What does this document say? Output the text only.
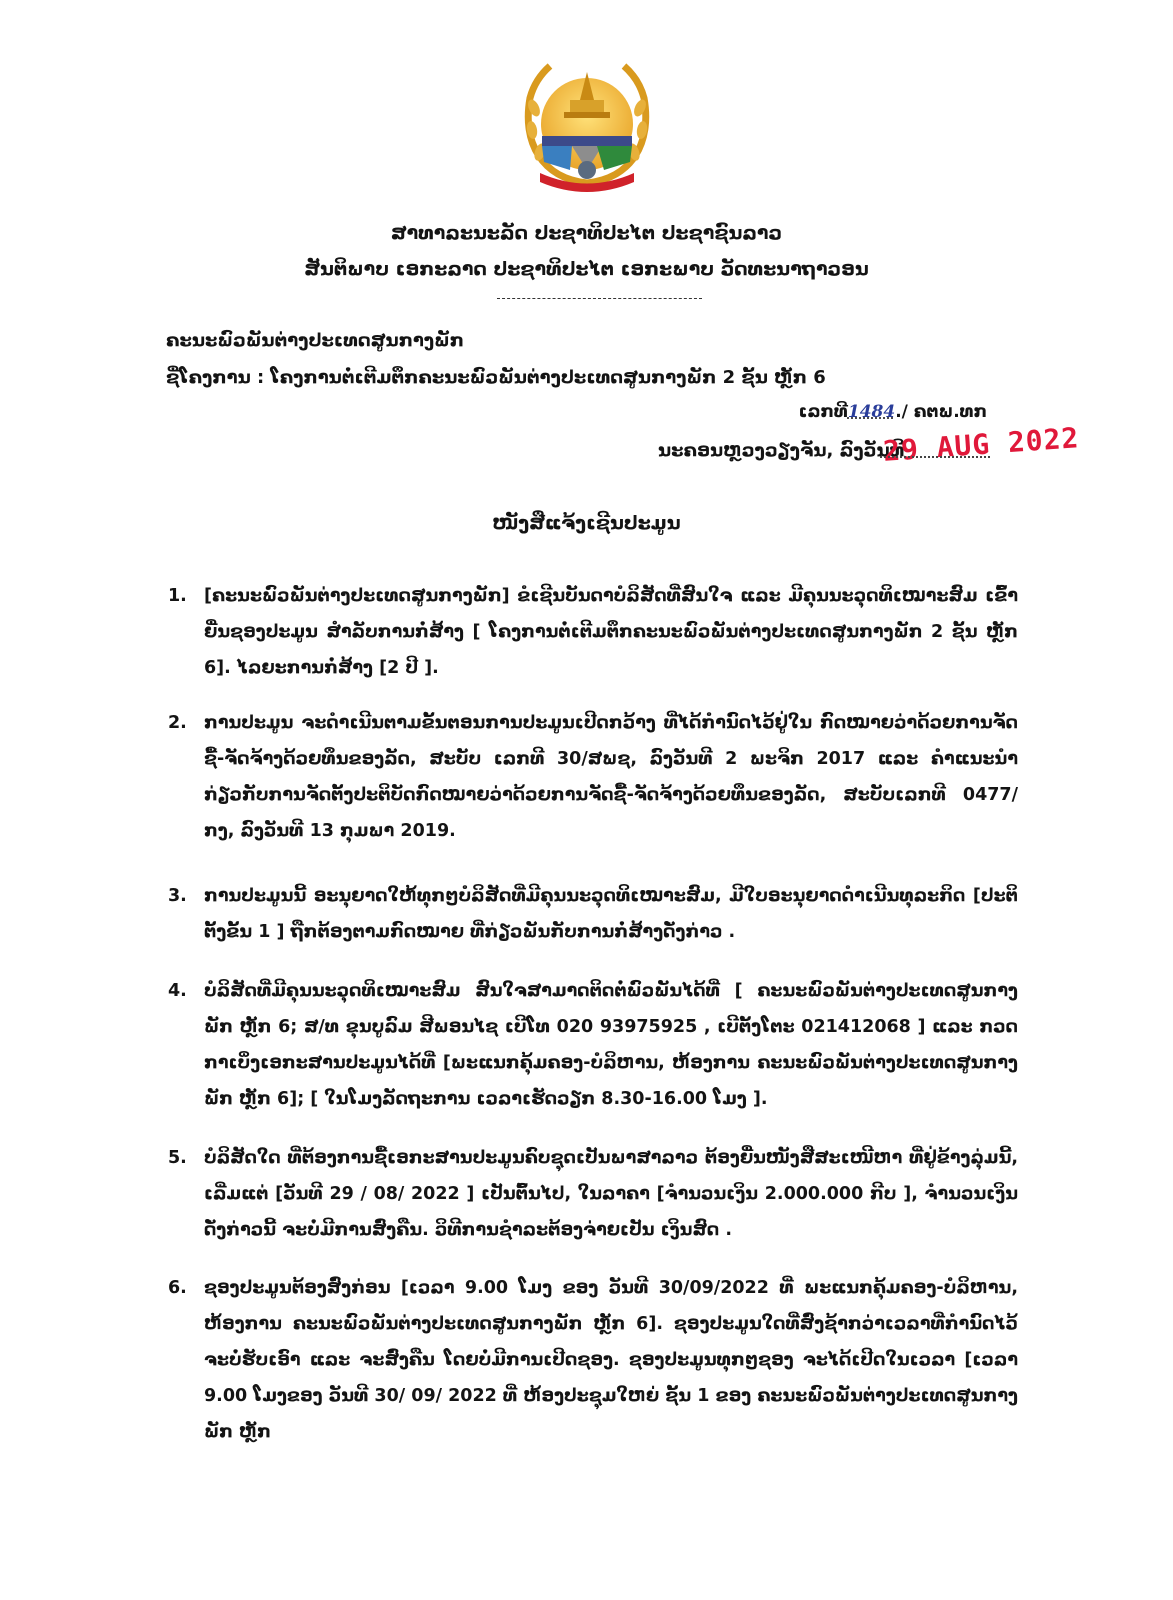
ສາທາລະນະລັດ ປະຊາທິປະໄຕ ປະຊາຊົນລາວ
ສັນຕິພາບ ເອກະລາດ ປະຊາທິປະໄຕ ເອກະພາບ ວັດທະນາຖາວອນ
ຄະນະພົວພັນຕ່າງປະເທດສູນກາງພັກ
ຊື່ໂຄງການ : ໂຄງການຕໍ່ເຕີມຕຶກຄະນະພົວພັນຕ່າງປະເທດສູນກາງພັກ 2 ຊັ້ນ ຫຼັກ 6
ເລກທີ1484./ ຄຕພ.ທກ
ນະຄອນຫຼວງວຽງຈັນ, ລົງວັນທີ
29 AUG 2022
ໜັງສືແຈ້ງເຊີນປະມູນ
1. [ຄະນະພົວພັນຕ່າງປະເທດສູນກາງພັກ] ຂໍເຊີນບັນດາບໍລິສັດທີ່ສົນໃຈ ແລະ ມີຄຸນນະວຸດທິເໝາະສົມ ເຂົ້າຍື່ນຊອງປະມູນ ສຳລັບການກໍ່ສ້າງ [ ໂຄງການຕໍ່ເຕີມຕຶກຄະນະພົວພັນຕ່າງປະເທດສູນກາງພັກ 2 ຊັ້ນ ຫຼັກ 6]. ໄລຍະການກໍ່ສ້າງ [2 ປີ ].
2. ການປະມູນ ຈະດຳເນີນຕາມຂັ້ນຕອນການປະມູນເປີດກວ້າງ ທີ່ໄດ້ກຳນົດໄວ້ຢູ່ໃນ ກົດໝາຍວ່າດ້ວຍການຈັດຊື້-ຈັດຈ້າງດ້ວຍທຶນຂອງລັດ, ສະບັບ ເລກທີ 30/ສພຊ, ລົງວັນທີ 2 ພະຈິກ 2017 ແລະ ຄຳແນະນຳກ່ຽວກັບການຈັດຕັ້ງປະຕິບັດກົດໝາຍວ່າດ້ວຍການຈັດຊື້-ຈັດຈ້າງດ້ວຍທຶນຂອງລັດ, ສະບັບເລກທີ 0477/ກງ, ລົງວັນທີ 13 ກຸມພາ 2019.
3. ການປະມູນນີ້ ອະນຸຍາດໃຫ້ທຸກໆບໍລິສັດທີ່ມີຄຸນນະວຸດທິເໝາະສົມ, ມີໃບອະນຸຍາດດຳເນີນທຸລະກິດ [ປະຕິຕັ້ງຂັ້ນ 1 ] ຖືກຕ້ອງຕາມກົດໝາຍ ທີ່ກ່ຽວພັນກັບການກໍ່ສ້າງດັ່ງກ່າວ .
4. ບໍລິສັດທີ່ມີຄຸນນະວຸດທິເໝາະສົມ ສົນໃຈສາມາດຕິດຕໍ່ພົວພັນໄດ້ທີ່ [ ຄະນະພົວພັນຕ່າງປະເທດສູນກາງພັກ ຫຼັກ 6; ສ/ທ ຂຸນບູລົມ ສີພອນໄຊ ເບີໂທ 020 93975925 , ເບີຕັ້ງໂຕະ 021412068 ] ແລະ ກວດກາເບິ່ງເອກະສານປະມູນໄດ້ທີ່ [ພະແນກຄຸ້ມຄອງ-ບໍລິຫານ, ຫ້ອງການ ຄະນະພົວພັນຕ່າງປະເທດສູນກາງພັກ ຫຼັກ 6]; [ ໃນໂມງລັດຖະການ ເວລາເຮັດວຽກ 8.30-16.00 ໂມງ ].
5. ບໍລິສັດໃດ ທີ່ຕ້ອງການຊື້ເອກະສານປະມູນຄົບຊຸດເປັນພາສາລາວ ຕ້ອງຍື່ນໜັງສືສະເໜີຫາ ທີ່ຢູ່ຂ້າງລຸ່ມນີ້, ເລີ່ມແຕ່ [ວັນທີ 29 / 08/ 2022 ] ເປັນຕົ້ນໄປ, ໃນລາຄາ [ຈຳນວນເງິນ 2.000.000 ກີບ ], ຈຳນວນເງິນດັ່ງກ່າວນີ້ ຈະບໍ່ມີການສົ່ງຄືນ. ວິທີການຊຳລະຕ້ອງຈ່າຍເປັນ ເງິນສົດ .
6. ຊອງປະມູນຕ້ອງສົ່ງກ່ອນ [ເວລາ 9.00 ໂມງ ຂອງ ວັນທີ 30/09/2022 ທີ່ ພະແນກຄຸ້ມຄອງ-ບໍລິຫານ, ຫ້ອງການ ຄະນະພົວພັນຕ່າງປະເທດສູນກາງພັກ ຫຼັກ 6]. ຊອງປະມູນໃດທີ່ສົ່ງຊ້າກວ່າເວລາທີ່ກຳນົດໄວ້ຈະບໍ່ຮັບເອົາ ແລະ ຈະສົ່ງຄືນ ໂດຍບໍ່ມີການເປີດຊອງ. ຊອງປະມູນທຸກໆຊອງ ຈະໄດ້ເປີດໃນເວລາ [ເວລາ 9.00 ໂມງຂອງ ວັນທີ 30/ 09/ 2022 ທີ່ ຫ້ອງປະຊຸມໃຫຍ່ ຊັ້ນ 1 ຂອງ ຄະນະພົວພັນຕ່າງປະເທດສູນກາງພັກ ຫຼັກ
